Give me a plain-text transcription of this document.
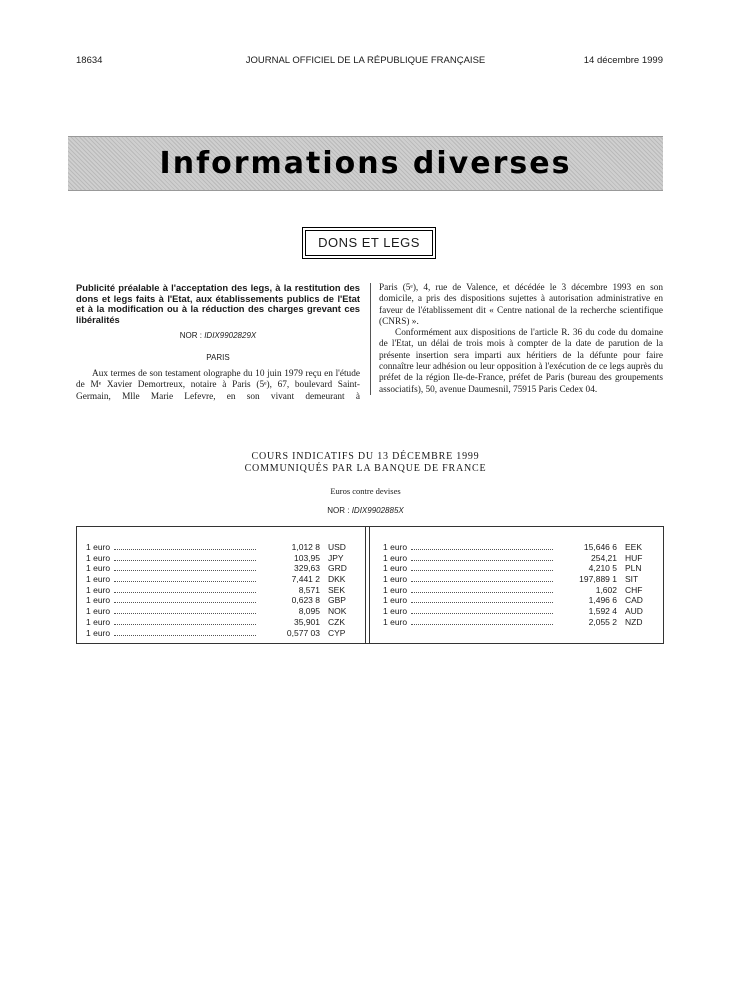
18634	JOURNAL OFFICIEL DE LA RÉPUBLIQUE FRANÇAISE	14 décembre 1999
Informations diverses
DONS ET LEGS

Publicité préalable à l'acceptation des legs, à la restitution des dons et legs faits à l'Etat, aux établissements publics de l'Etat et à la modification ou à la réduction des charges grevant ces libéralités

NOR : IDIX9902829X

PARIS

Aux termes de son testament olographe du 10 juin 1979 reçu en l'étude de Mᵉ Xavier Demortreux, notaire à Paris (5ᵉ), 67, boulevard Saint-Germain, Mlle Marie Lefevre, en son vivant demeurant à

Paris (5ᵉ), 4, rue de Valence, et décédée le 3 décembre 1993 en son domicile, a pris des dispositions sujettes à autorisation administrative en faveur de l'établissement dit « Centre national de la recherche scientifique (CNRS) ».

Conformément aux dispositions de l'article R. 36 du code du domaine de l'Etat, un délai de trois mois à compter de la date de parution de la présente insertion sera imparti aux héritiers de la défunte pour faire connaître leur adhésion ou leur opposition à l'exécution de ce legs auprès du préfet de la région Ile-de-France, préfet de Paris (bureau des groupements associatifs), 50, avenue Daumesnil, 75915 Paris Cedex 04.

COURS INDICATIFS DU 13 DÉCEMBRE 1999
COMMUNIQUÉS PAR LA BANQUE DE FRANCE
Euros contre devises
NOR : IDIX9902885X
1 euro	1,012 8 USD
1 euro	103,95 JPY
1 euro	329,63 GRD
1 euro	7,441 2 DKK
1 euro	8,571 SEK
1 euro	0,623 8 GBP
1 euro	8,095 NOK
1 euro	35,901 CZK
1 euro	0,577 03 CYP
1 euro	15,646 6 EEK
1 euro	254,21 HUF
1 euro	4,210 5 PLN
1 euro	197,889 1 SIT
1 euro	1,602 CHF
1 euro	1,496 6 CAD
1 euro	1,592 4 AUD
1 euro	2,055 2 NZD
